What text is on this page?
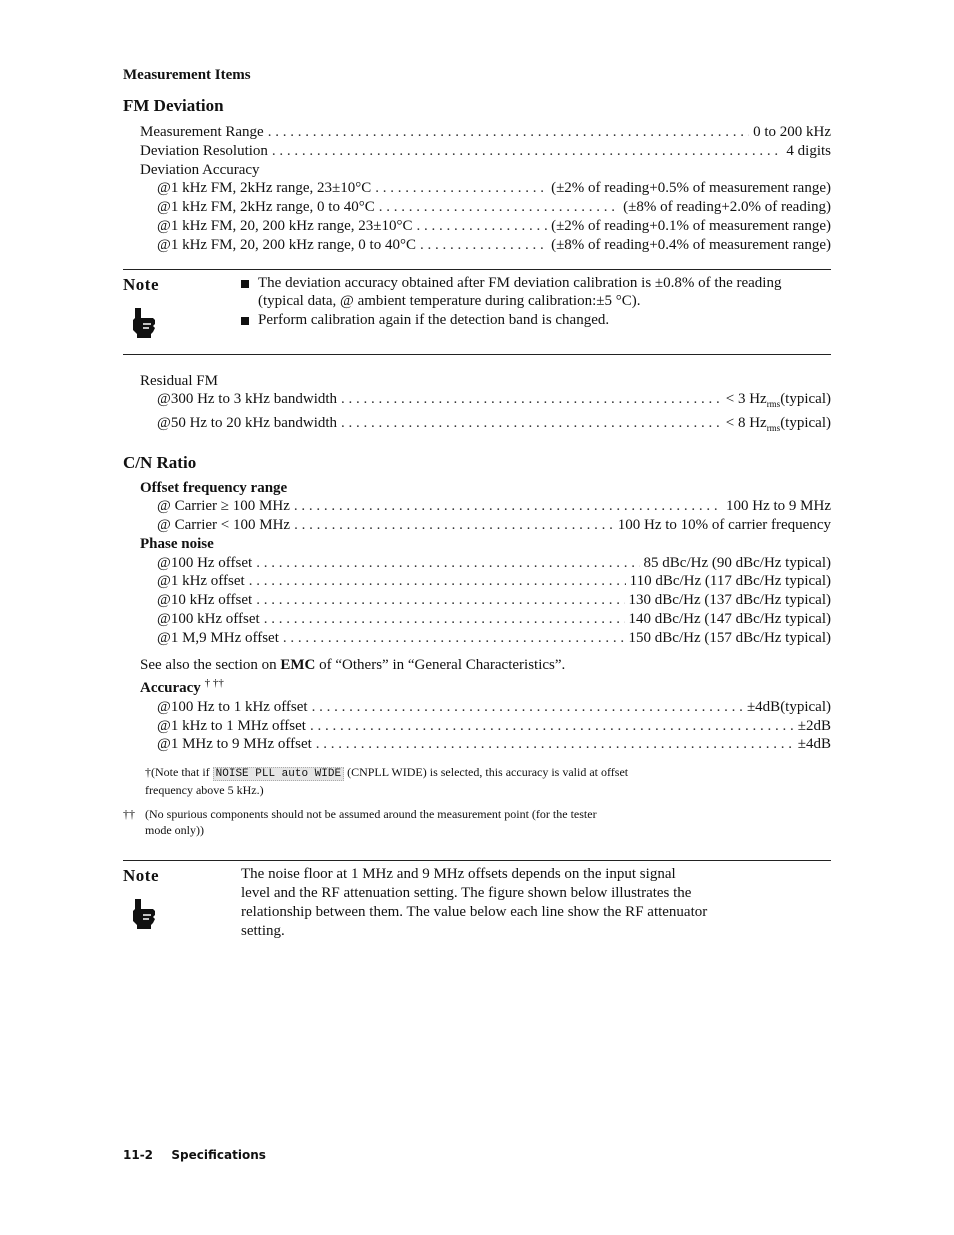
Measurement Items
FM Deviation
Measurement Range . . .	0 to 200 kHz
Deviation Resolution . . .	4 digits
Deviation Accuracy
@1 kHz FM, 2kHz range, 23±10°C . . .	(±2% of reading+0.5% of measurement range)
@1 kHz FM, 2kHz range, 0 to 40°C . . .	(±8% of reading+2.0% of reading)
@1 kHz FM, 20, 200 kHz range, 23±10°C . . .	(±2% of reading+0.1% of measurement range)
@1 kHz FM, 20, 200 kHz range, 0 to 40°C . . .	(±8% of reading+0.4% of measurement range)
Note	The deviation accuracy obtained after FM deviation calibration is ±0.8% of the reading (typical data, @ ambient temperature during calibration:±5 °C).
Perform calibration again if the detection band is changed.
Residual FM
@300 Hz to 3 kHz bandwidth . . .	< 3 $Hz_{rms}(typical)$
@50 Hz to 20 kHz bandwidth . . .	< 8 $Hz_{rms}(typical)$
C/N Ratio
Offset frequency range
@ Carrier ≥ 100 MHz . . .	100 Hz to 9 MHz
@ Carrier < 100 MHz . . .	100 Hz to 10% of carrier frequency
Phase noise
@100 Hz offset . . .	85 dBc/Hz (90 dBc/Hz typical)
@1 kHz offset . . .	110 dBc/Hz (117 dBc/Hz typical)
@10 kHz offset . . .	130 dBc/Hz (137 dBc/Hz typical)
@100 kHz offset . . .	140 dBc/Hz (147 dBc/Hz typical)
@1 M,9 MHz offset . . .	150 dBc/Hz (157 dBc/Hz typical)
See also the section on EMC of “Others” in “General Characteristics”.
Accuracy † ††
@100 Hz to 1 kHz offset . . .	±4dB(typical)
@1 kHz to 1 MHz offset . . .	±2dB
@1 MHz to 9 MHz offset . . .	±4dB
†(Note that if NOISE PLL auto WIDE (CNPLL WIDE) is selected, this accuracy is valid at offset
frequency above 5 kHz.)
†† (No spurious components should not be assumed around the measurement point (for the tester
mode only))
Note	The noise floor at 1 MHz and 9 MHz offsets depends on the input signal
level and the RF attenuation setting. The figure shown below illustrates the
relationship between them. The value below each line show the RF attenuator
setting.
11-2 Specifications
